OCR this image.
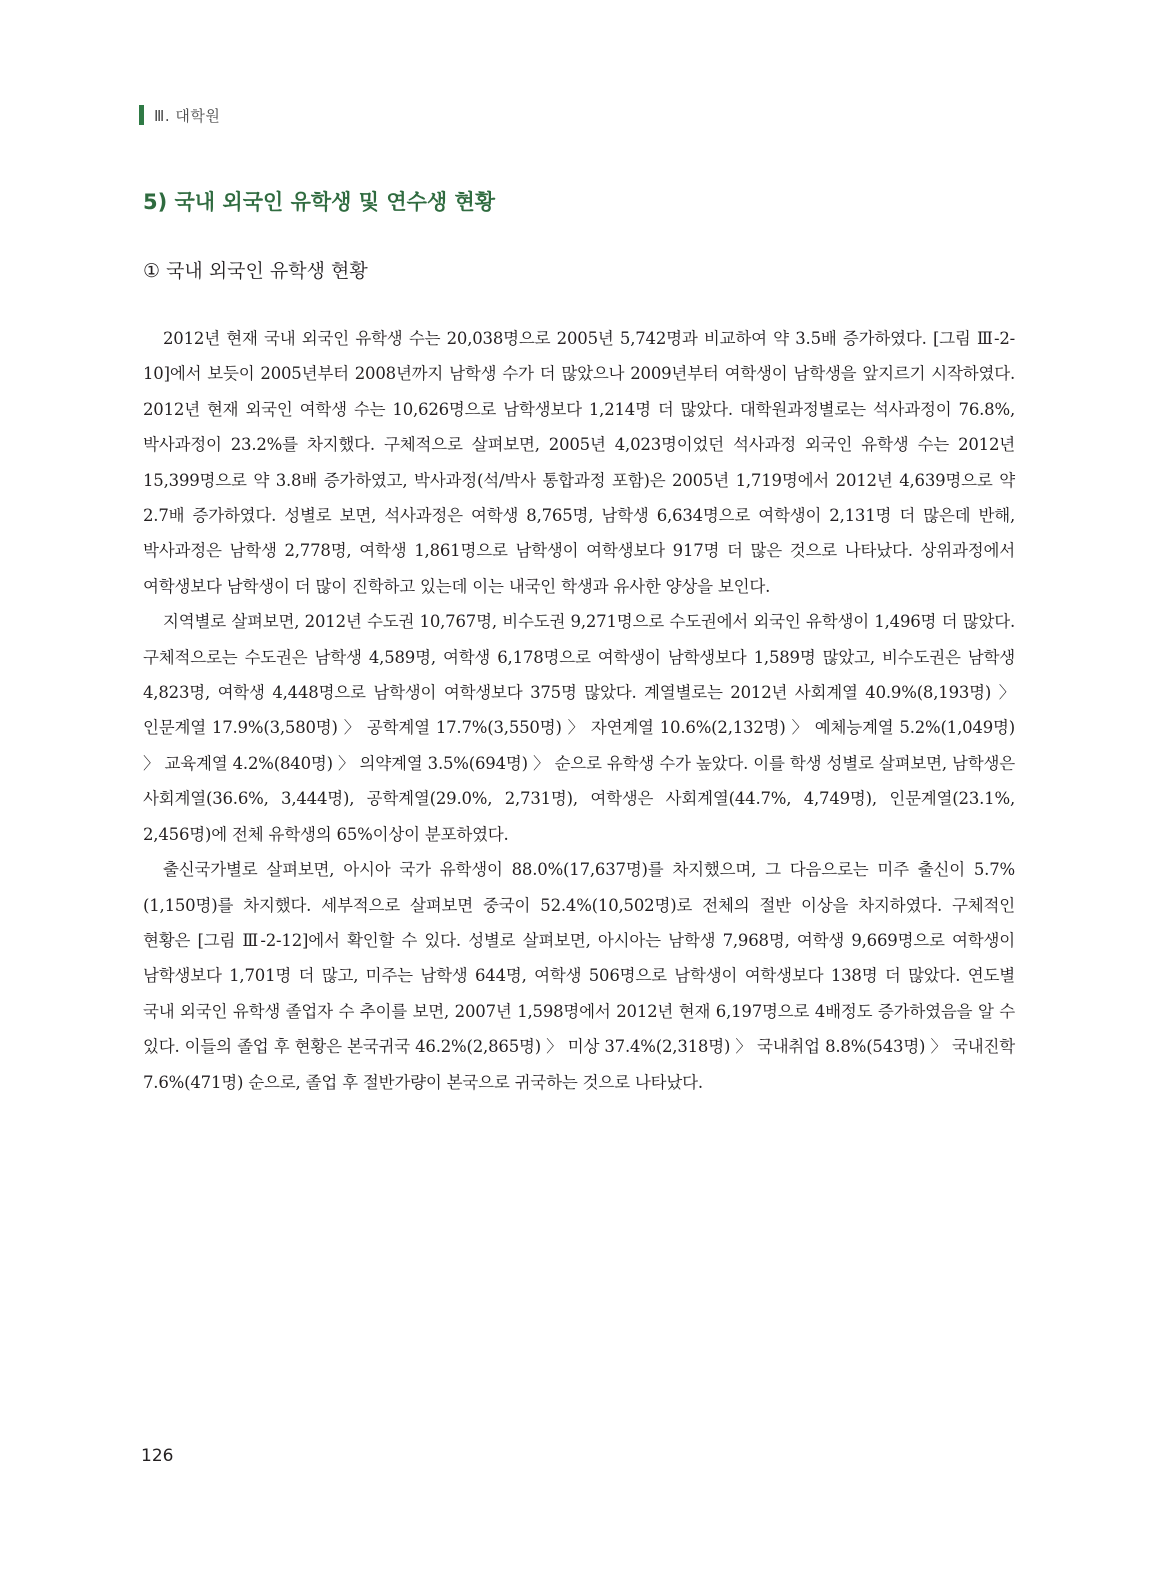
Ⅲ. 대학원
5) 국내 외국인 유학생 및 연수생 현황
① 국내 외국인 유학생 현황

2012년 현재 국내 외국인 유학생 수는 20,038명으로 2005년 5,742명과 비교하여 약 3.5배 증가하였다. [그림 Ⅲ-2-10]에서 보듯이 2005년부터 2008년까지 남학생 수가 더 많았으나 2009년부터 여학생이 남학생을 앞지르기 시작하였다. 2012년 현재 외국인 여학생 수는 10,626명으로 남학생보다 1,214명 더 많았다. 대학원과정별로는 석사과정이 76.8%, 박사과정이 23.2%를 차지했다. 구체적으로 살펴보면, 2005년 4,023명이었던 석사과정 외국인 유학생 수는 2012년 15,399명으로 약 3.8배 증가하였고, 박사과정(석/박사 통합과정 포함)은 2005년 1,719명에서 2012년 4,639명으로 약 2.7배 증가하였다. 성별로 보면, 석사과정은 여학생 8,765명, 남학생 6,634명으로 여학생이 2,131명 더 많은데 반해, 박사과정은 남학생 2,778명, 여학생 1,861명으로 남학생이 여학생보다 917명 더 많은 것으로 나타났다. 상위과정에서 여학생보다 남학생이 더 많이 진학하고 있는데 이는 내국인 학생과 유사한 양상을 보인다.

지역별로 살펴보면, 2012년 수도권 10,767명, 비수도권 9,271명으로 수도권에서 외국인 유학생이 1,496명 더 많았다. 구체적으로는 수도권은 남학생 4,589명, 여학생 6,178명으로 여학생이 남학생보다 1,589명 많았고, 비수도권은 남학생 4,823명, 여학생 4,448명으로 남학생이 여학생보다 375명 많았다. 계열별로는 2012년 사회계열 40.9%(8,193명) 〉 인문계열 17.9%(3,580명) 〉 공학계열 17.7%(3,550명) 〉 자연계열 10.6%(2,132명) 〉 예체능계열 5.2%(1,049명) 〉 교육계열 4.2%(840명) 〉 의약계열 3.5%(694명) 〉 순으로 유학생 수가 높았다. 이를 학생 성별로 살펴보면, 남학생은 사회계열(36.6%, 3,444명), 공학계열(29.0%, 2,731명), 여학생은 사회계열(44.7%, 4,749명), 인문계열(23.1%, 2,456명)에 전체 유학생의 65%이상이 분포하였다.

출신국가별로 살펴보면, 아시아 국가 유학생이 88.0%(17,637명)를 차지했으며, 그 다음으로는 미주 출신이 5.7%(1,150명)를 차지했다. 세부적으로 살펴보면 중국이 52.4%(10,502명)로 전체의 절반 이상을 차지하였다. 구체적인 현황은 [그림 Ⅲ-2-12]에서 확인할 수 있다. 성별로 살펴보면, 아시아는 남학생 7,968명, 여학생 9,669명으로 여학생이 남학생보다 1,701명 더 많고, 미주는 남학생 644명, 여학생 506명으로 남학생이 여학생보다 138명 더 많았다. 연도별 국내 외국인 유학생 졸업자 수 추이를 보면, 2007년 1,598명에서 2012년 현재 6,197명으로 4배정도 증가하였음을 알 수 있다. 이들의 졸업 후 현황은 본국귀국 46.2%(2,865명) 〉 미상 37.4%(2,318명) 〉 국내취업 8.8%(543명) 〉 국내진학 7.6%(471명) 순으로, 졸업 후 절반가량이 본국으로 귀국하는 것으로 나타났다.

126
